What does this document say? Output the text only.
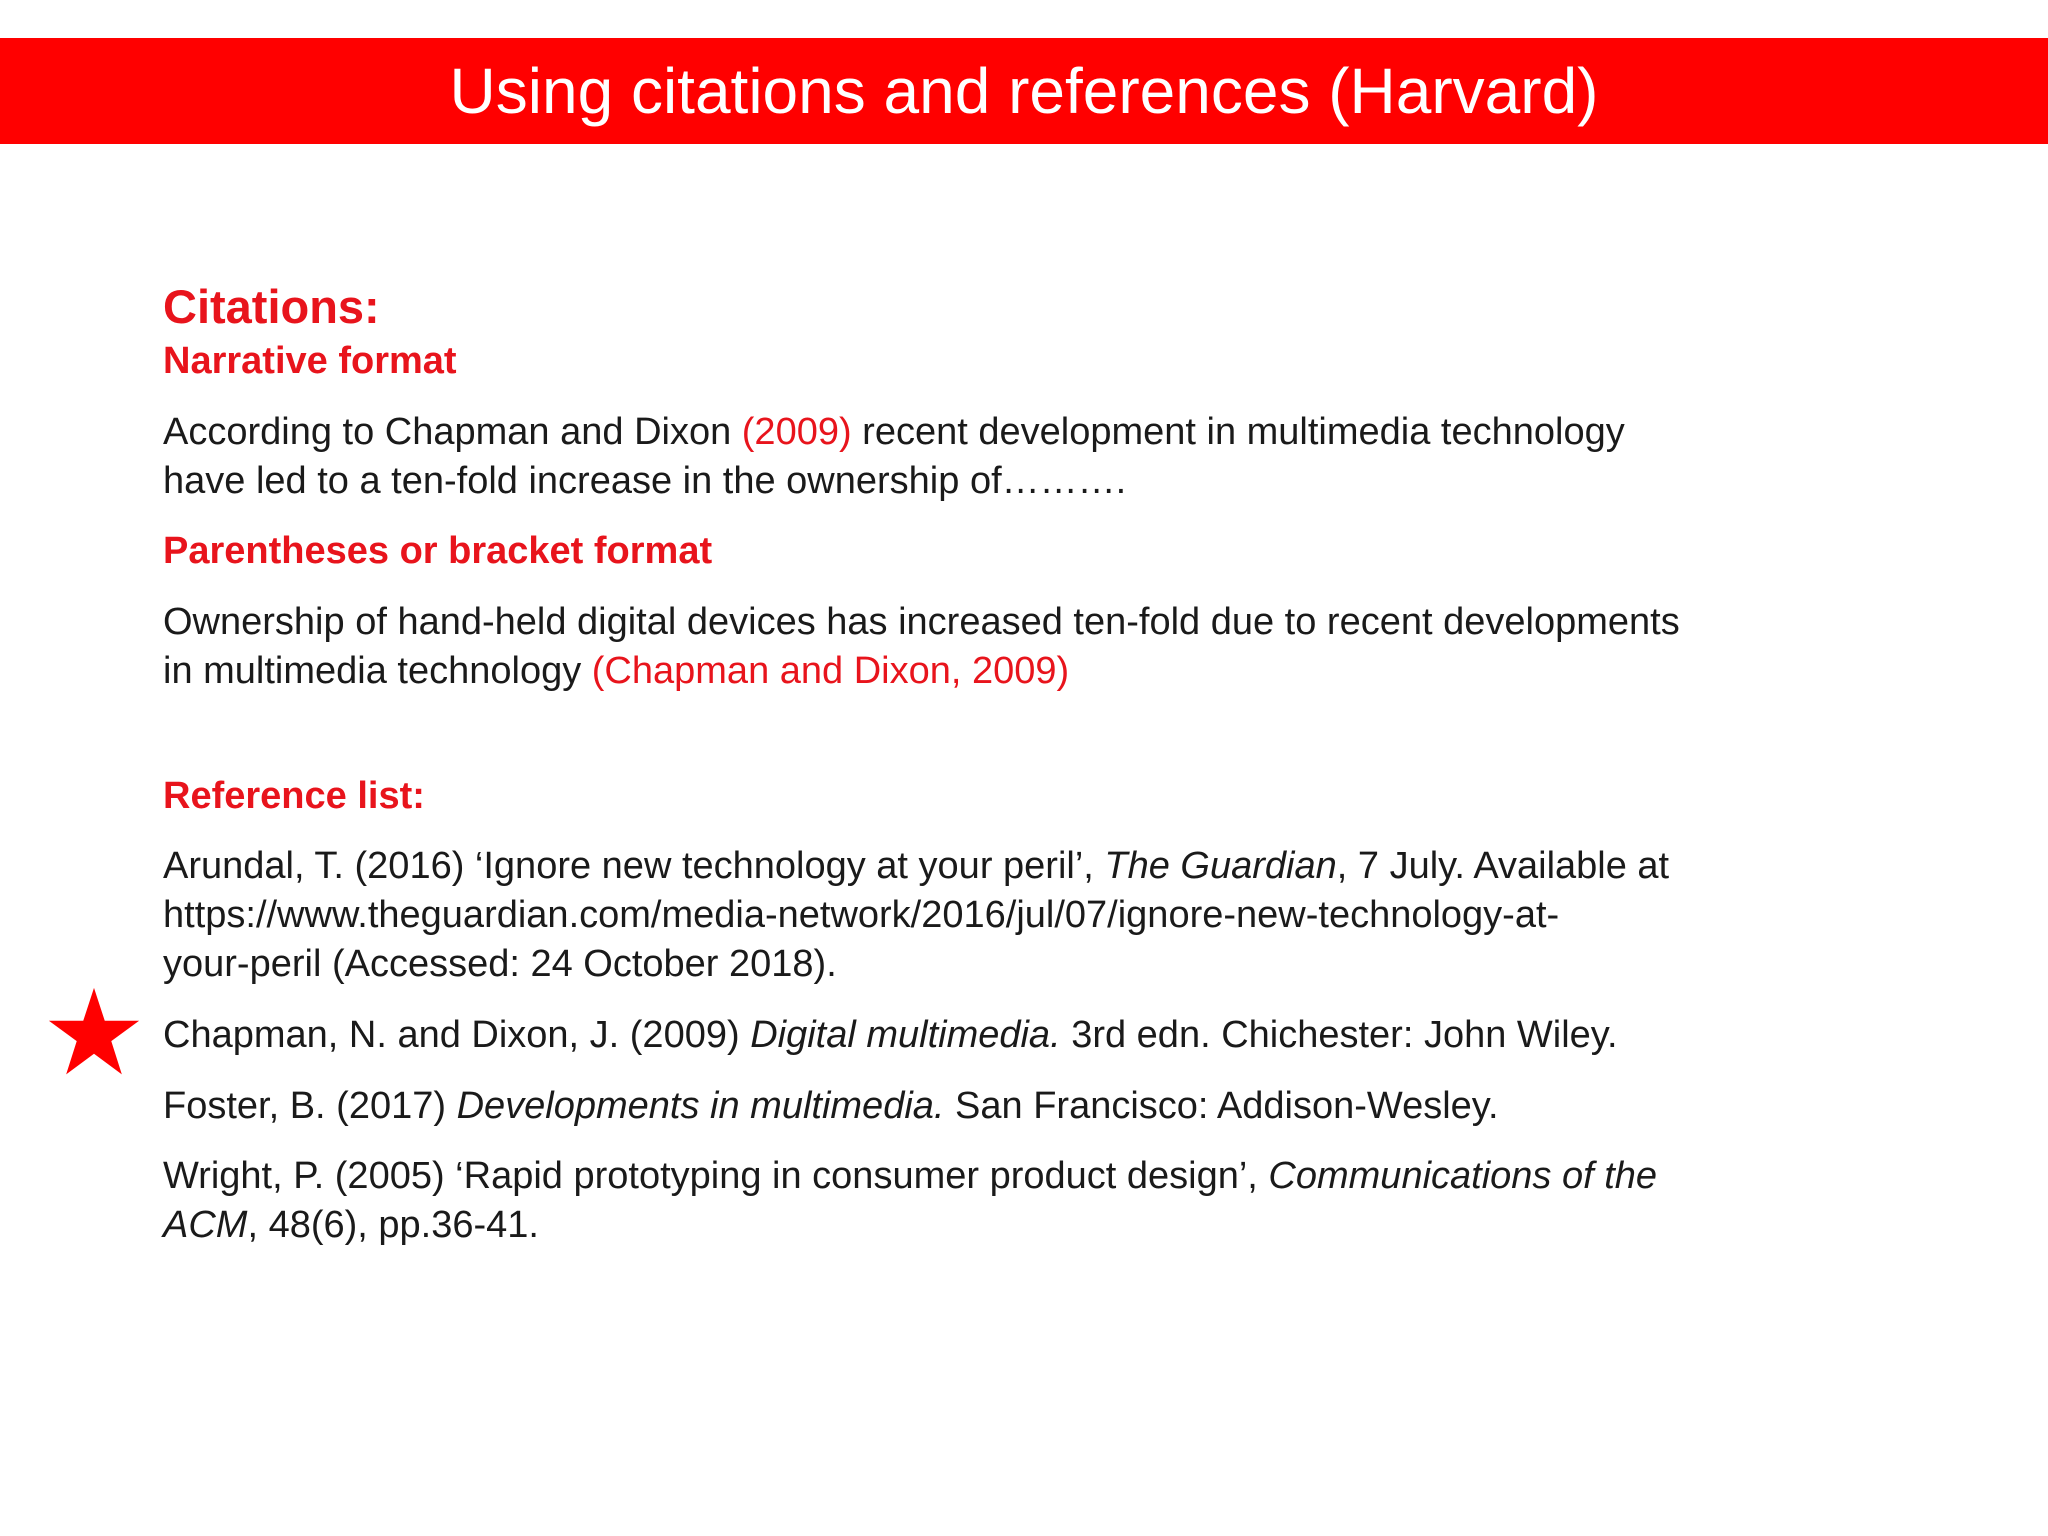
Using citations and references (Harvard)
Citations:
Narrative format

According to Chapman and Dixon (2009) recent development in multimedia technology
have led to a ten-fold increase in the ownership of……….

Parentheses or bracket format

Ownership of hand-held digital devices has increased ten-fold due to recent developments
in multimedia technology (Chapman and Dixon, 2009)

Reference list:

Arundal, T. (2016) ‘Ignore new technology at your peril’, The Guardian, 7 July. Available at
https://www.theguardian.com/media-network/2016/jul/07/ignore-new-technology-at-
your-peril (Accessed: 24 October 2018).

Chapman, N. and Dixon, J. (2009) Digital multimedia. 3rd edn. Chichester: John Wiley.

Foster, B. (2017) Developments in multimedia. San Francisco: Addison-Wesley.

Wright, P. (2005) ‘Rapid prototyping in consumer product design’, Communications of the
ACM, 48(6), pp.36-41.
